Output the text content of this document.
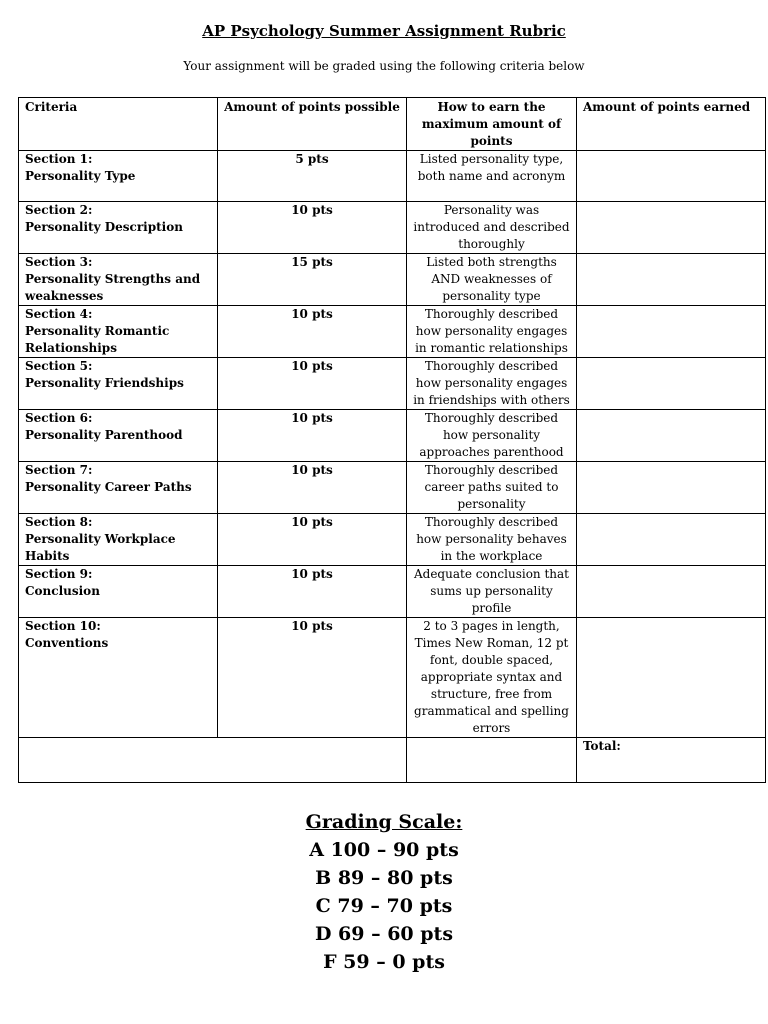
AP Psychology Summer Assignment Rubric

Your assignment will be graded using the following criteria below

Criteria	Amount of points possible	How to earn the maximum amount of points	Amount of points earned

Section 1:
Personality Type	5 pts	Listed personality type, both name and acronym	

Section 2:
Personality Description	10 pts	Personality was introduced and described thoroughly	

Section 3:
Personality Strengths and weaknesses	15 pts	Listed both strengths AND weaknesses of personality type	

Section 4:
Personality Romantic Relationships	10 pts	Thoroughly described how personality engages in romantic relationships	

Section 5:
Personality Friendships	10 pts	Thoroughly described how personality engages in friendships with others	

Section 6:
Personality Parenthood	10 pts	Thoroughly described how personality approaches parenthood	

Section 7:
Personality Career Paths	10 pts	Thoroughly described career paths suited to personality	

Section 8:
Personality Workplace Habits	10 pts	Thoroughly described how personality behaves in the workplace	

Section 9:
Conclusion	10 pts	Adequate conclusion that sums up personality profile	

Section 10:
Conventions	10 pts	2 to 3 pages in length, Times New Roman, 12 pt font, double spaced, appropriate syntax and structure, free from grammatical and spelling errors	
			Total:
Grading Scale:
A 100 – 90 pts
B 89 – 80 pts
C 79 – 70 pts
D 69 – 60 pts
F 59 – 0 pts
